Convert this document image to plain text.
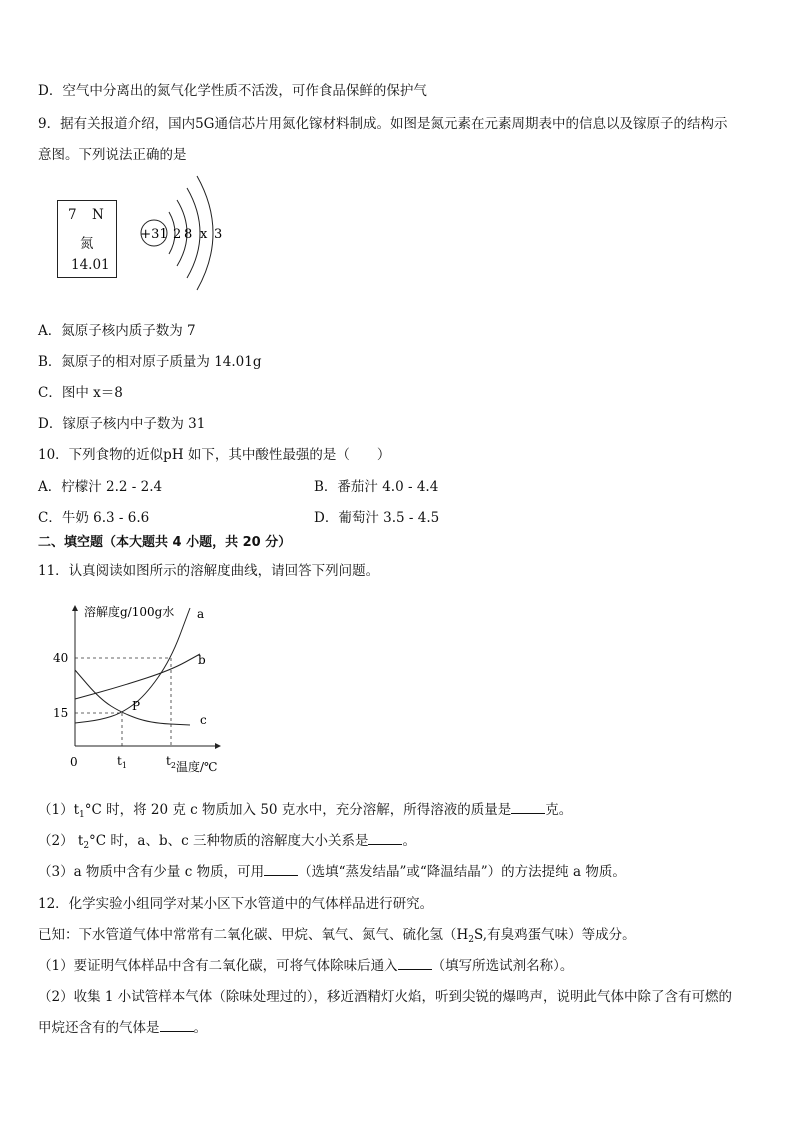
D．空气中分离出的氮气化学性质不活泼，可作食品保鲜的保护气
9．据有关报道介绍，国内5G通信芯片用氮化镓材料制成。如图是氮元素在元素周期表中的信息以及镓原子的结构示
意图。下列说法正确的是
7 N
氮
14.01
+31 2 8 x 3
A．氮原子核内质子数为 7
B．氮原子的相对原子质量为 14.01g
C．图中 x＝8
D．镓原子核内中子数为 31
10．下列食物的近似pH 如下，其中酸性最强的是（　　）
A．柠檬汁 2.2 - 2.4	B．番茄汁 4.0 - 4.4
C．牛奶 6.3 - 6.6	D．葡萄汁 3.5 - 4.5
二、填空题（本大题共 4 小题，共 20 分）
11．认真阅读如图所示的溶解度曲线，请回答下列问题。
15
40
0	$t_1$	$t_2$
a
b
c
P
溶解度g/100g水
温度/℃
$(1)t_1^\circ C$ 时，将 20 克 c 物质加入 50 克水中，充分溶解，所得溶液的质量是	克。
（2） $t_2^\circ C$ 时，a、b、c 三种物质的溶解度大小关系是	。
（3）a 物质中含有少量 c 物质，可用	（选填“蒸发结晶”或“降温结晶”）的方法提纯 a 物质。
12．化学实验小组同学对某小区下水管道中的气体样品进行研究。
已知：下水管道气体中常常有二氧化碳、甲烷、氧气、氮气、硫化氢（$H_2S$,有臭鸡蛋气味）等成分。
（1）要证明气体样品中含有二氧化碳，可将气体除味后通入	（填写所选试剂名称）。
（2）收集 1 小试管样本气体（除味处理过的），移近酒精灯火焰，听到尖锐的爆鸣声，说明此气体中除了含有可燃的
甲烷还含有的气体是	。
